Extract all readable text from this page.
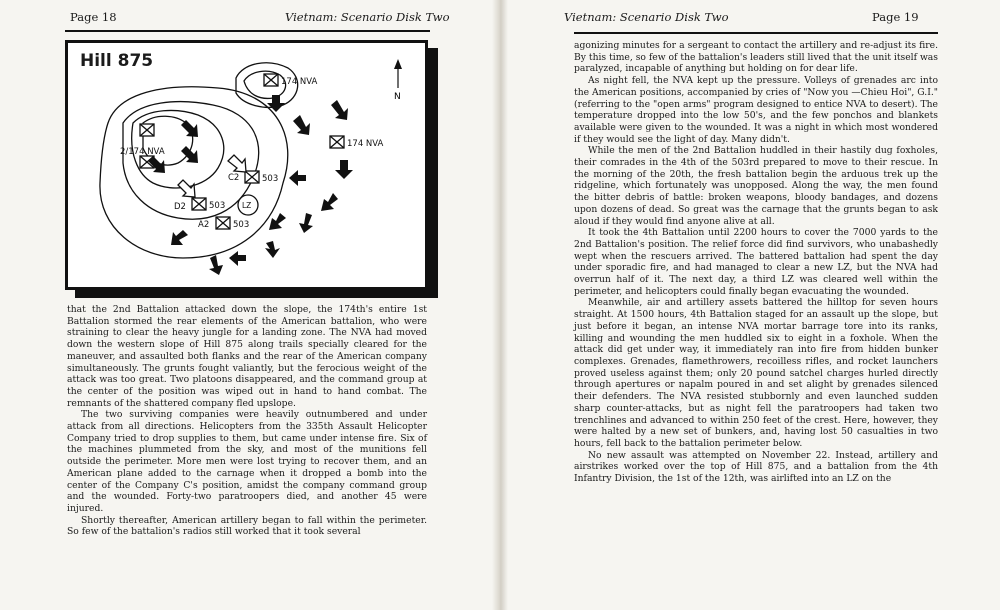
Page 18	Vietnam: Scenario Disk Two
Hill 875
N
174 NVA
174 NVA
2/174 NVA
C2	503
D2	503
A2	503
LZ

that the 2nd Battalion attacked down the slope, the 174th's entire 1st Battalion stormed the rear elements of the American battalion, who were straining to clear the heavy jungle for a landing zone. The NVA had moved down the western slope of Hill 875 along trails specially cleared for the maneuver, and assaulted both flanks and the rear of the American company simultaneously. The grunts fought valiantly, but the ferocious weight of the attack was too great. Two platoons disappeared, and the command group at the center of the position was wiped out in hand to hand combat. The remnants of the shattered company fled upslope.

The two surviving companies were heavily outnumbered and under attack from all directions. Helicopters from the 335th Assault Helicopter Company tried to drop supplies to them, but came under intense fire. Six of the machines plummeted from the sky, and most of the munitions fell outside the perimeter. More men were lost trying to recover them, and an American plane added to the carnage when it dropped a bomb into the center of the Company C's position, amidst the company command group and the wounded. Forty-two paratroopers died, and another 45 were injured.

Shortly thereafter, American artillery began to fall within the perimeter. So few of the battalion's radios still worked that it took several

Vietnam: Scenario Disk Two	Page 19

agonizing minutes for a sergeant to contact the artillery and re-adjust its fire. By this time, so few of the battalion's leaders still lived that the unit itself was paralyzed, incapable of anything but holding on for dear life.

As night fell, the NVA kept up the pressure. Volleys of grenades arc into the American positions, accompanied by cries of "Now you —Chieu Hoi", G.I." (referring to the "open arms" program designed to entice NVA to desert). The temperature dropped into the low 50's, and the few ponchos and blankets available were given to the wounded. It was a night in which most wondered if they would see the light of day. Many didn't.

While the men of the 2nd Battalion huddled in their hastily dug foxholes, their comrades in the 4th of the 503rd prepared to move to their rescue. In the morning of the 20th, the fresh battalion begin the arduous trek up the ridgeline, which fortunately was unopposed. Along the way, the men found the bitter debris of battle: broken weapons, bloody bandages, and dozens upon dozens of dead. So great was the carnage that the grunts began to ask aloud if they would find anyone alive at all.

It took the 4th Battalion until 2200 hours to cover the 7000 yards to the 2nd Battalion's position. The relief force did find survivors, who unabashedly wept when the rescuers arrived. The battered battalion had spent the day under sporadic fire, and had managed to clear a new LZ, but the NVA had overrun half of it. The next day, a third LZ was cleared well within the perimeter, and helicopters could finally began evacuating the wounded.

Meanwhile, air and artillery assets battered the hilltop for seven hours straight. At 1500 hours, 4th Battalion staged for an assault up the slope, but just before it began, an intense NVA mortar barrage tore into its ranks, killing and wounding the men huddled six to eight in a foxhole. When the attack did get under way, it immediately ran into fire from hidden bunker complexes. Grenades, flamethrowers, recoilless rifles, and rocket launchers proved useless against them; only 20 pound satchel charges hurled directly through apertures or napalm poured in and set alight by grenades silenced their defenders. The NVA resisted stubbornly and even launched sudden sharp counter-attacks, but as night fell the paratroopers had taken two trenchlines and advanced to within 250 feet of the crest. Here, however, they were halted by a new set of bunkers, and, having lost 50 casualties in two hours, fell back to the battalion perimeter below.

No new assault was attempted on November 22. Instead, artillery and airstrikes worked over the top of Hill 875, and a battalion from the 4th Infantry Division, the 1st of the 12th, was airlifted into an LZ on the
